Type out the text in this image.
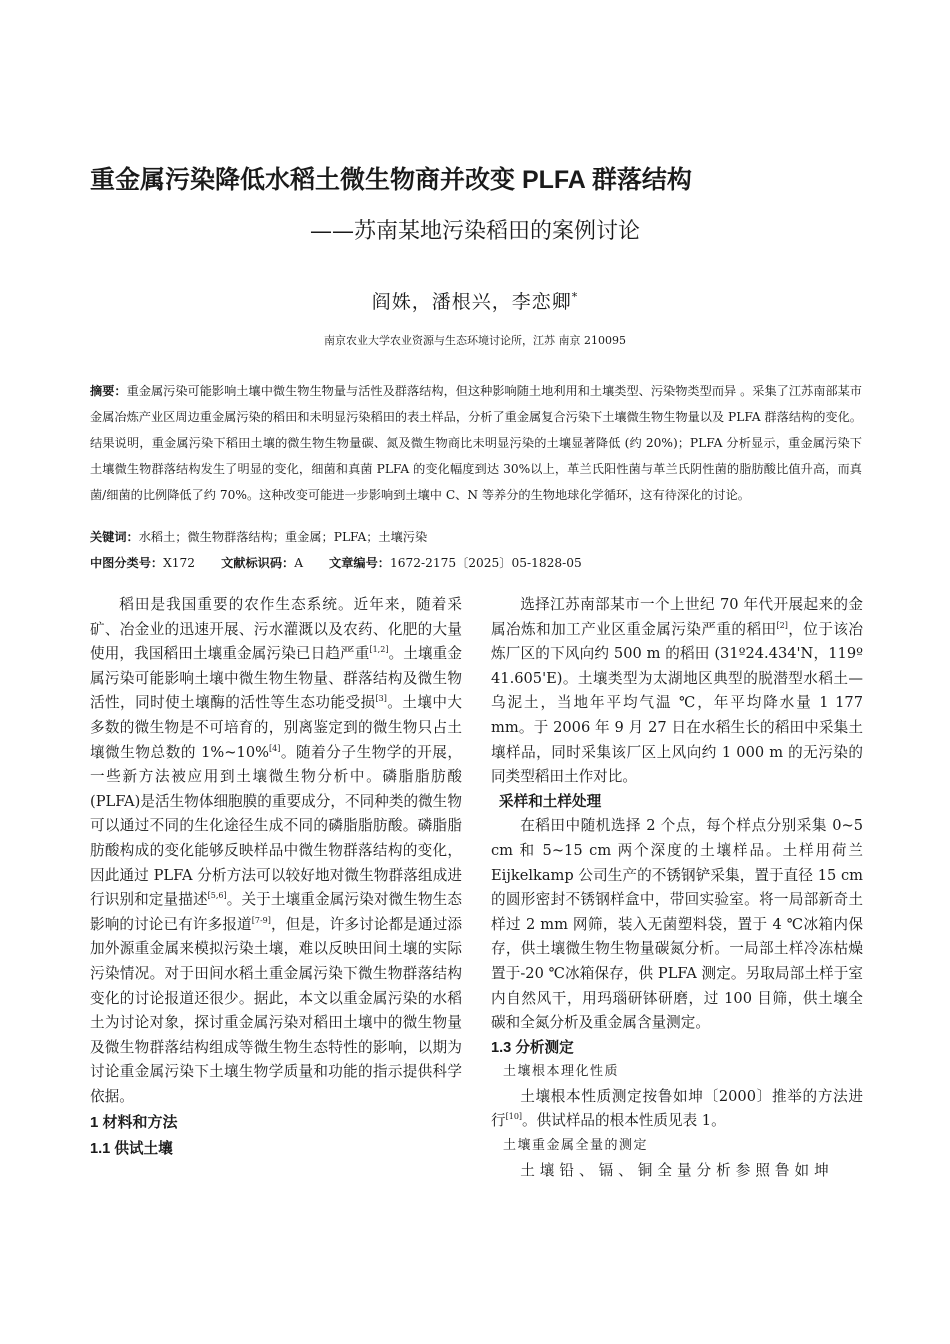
重金属污染降低水稻土微生物商并改变 PLFA 群落结构
——苏南某地污染稻田的案例讨论
阎姝，潘根兴，李恋卿*
南京农业大学农业资源与生态环境讨论所，江苏 南京 210095
摘要：重金属污染可能影响土壤中微生物生物量与活性及群落结构，但这种影响随土地利用和土壤类型、污染物类型而异 。采集了江苏南部某市金属冶炼产业区周边重金属污染的稻田和未明显污染稻田的表土样品，分析了重金属复合污染下土壤微生物生物量以及 PLFA 群落结构的变化。结果说明，重金属污染下稻田土壤的微生物生物量碳、氮及微生物商比未明显污染的土壤显著降低 (约 20%)；PLFA 分析显示，重金属污染下土壤微生物群落结构发生了明显的变化，细菌和真菌 PLFA 的变化幅度到达 30%以上，革兰氏阳性菌与革兰氏阴性菌的脂肪酸比值升高，而真菌/细菌的比例降低了约 70%。这种改变可能进一步影响到土壤中 C、N 等养分的生物地球化学循环，这有待深化的讨论。
关键词：水稻土；微生物群落结构；重金属；PLFA；土壤污染
中图分类号：X172 文献标识码：A 文章编号：1672-2175〔2025〕05-1828-05

稻田是我国重要的农作生态系统。近年来，随着采矿、冶金业的迅速开展、污水灌溉以及农药、化肥的大量使用，我国稻田土壤重金属污染已日趋严重[1,2]。土壤重金属污染可能影响土壤中微生物生物量、群落结构及微生物活性，同时使土壤酶的活性等生态功能受损[3]。土壤中大多数的微生物是不可培育的，别离鉴定到的微生物只占土壤微生物总数的 1%~10%[4]。随着分子生物学的开展，一些新方法被应用到土壤微生物分析中。磷脂脂肪酸(PLFA)是活生物体细胞膜的重要成分，不同种类的微生物可以通过不同的生化途径生成不同的磷脂脂肪酸。磷脂脂肪酸构成的变化能够反映样品中微生物群落结构的变化，因此通过 PLFA 分析方法可以较好地对微生物群落组成进行识别和定量描述[5,6]。关于土壤重金属污染对微生物生态影响的讨论已有许多报道[7-9]，但是，许多讨论都是通过添加外源重金属来模拟污染土壤，难以反映田间土壤的实际污染情况。对于田间水稻土重金属污染下微生物群落结构变化的讨论报道还很少。据此，本文以重金属污染的水稻土为讨论对象，探讨重金属污染对稻田土壤中的微生物量及微生物群落结构组成等微生物生态特性的影响，以期为讨论重金属污染下土壤生物学质量和功能的指示提供科学依据。

1 材料和方法
1.1 供试土壤

选择江苏南部某市一个上世纪 70 年代开展起来的金属冶炼和加工产业区重金属污染严重的稻田[2]，位于该冶炼厂区的下风向约 500 m 的稻田 (31º24.434'N，119º 41.605'E)。土壤类型为太湖地区典型的脱潜型水稻土—乌泥土，当地年平均气温 ℃，年平均降水量 1 177 mm。于 2006 年 9 月 27 日在水稻生长的稻田中采集土壤样品，同时采集该厂区上风向约 1 000 m 的无污染的同类型稻田土作对比。

采样和土样处理

在稻田中随机选择 2 个点，每个样点分别采集 0~5 cm 和 5~15 cm 两个深度的土壤样品。土样用荷兰 Eijkelkamp 公司生产的不锈钢铲采集，置于直径 15 cm 的圆形密封不锈钢样盒中，带回实验室。将一局部新奇土样过 2 mm 网筛，装入无菌塑料袋，置于 4 ℃冰箱内保存，供土壤微生物生物量碳氮分析。一局部土样冷冻枯燥置于-20 ℃冰箱保存，供 PLFA 测定。另取局部土样于室内自然风干，用玛瑙研钵研磨，过 100 目筛，供土壤全碳和全氮分析及重金属含量测定。

1.3 分析测定
土壤根本理化性质

土壤根本性质测定按鲁如坤〔2000〕推举的方法进行[10]。供试样品的根本性质见表 1。

土壤重金属全量的测定

土壤铅、镉、铜全量分析参照鲁如坤
